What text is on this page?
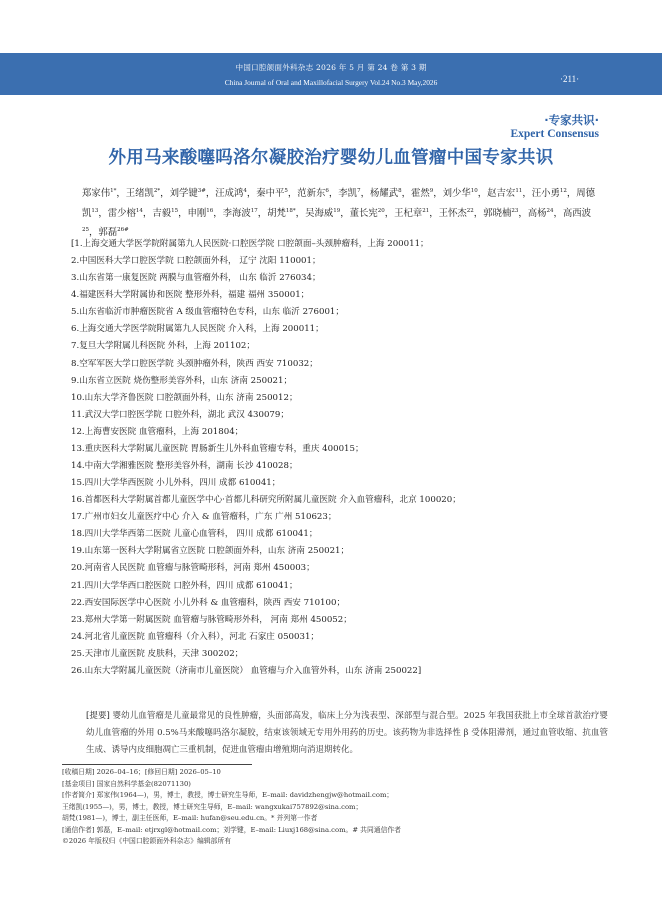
中国口腔颌面外科杂志 2026 年 5 月 第 24 卷 第 3 期
China Journal of Oral and Maxillofacial Surgery Vol.24 No.3 May,2026	·211·
·专家共识·
Expert Consensus
外用马来酸噻吗洛尔凝胶治疗婴幼儿血管瘤中国专家共识
郑家伟$^{1*}$，王绪凯$^{2*}$，刘学键$^{3\#}$，汪成鸿$^4$，秦中平$^5$，范新东$^6$，李凯$^7$，杨耀武$^8$，霍然$^9$，刘少华$^{10}$，赵吉宏$^{11}$，汪小勇$^{12}$，周德凯$^{13}$，雷少榕$^{14}$，吉毅$^{15}$，申刚$^{16}$，李海波$^{17}$，胡梵$^{18*}$，吴海威$^{19}$，董长宪$^{20}$，王杞章$^{21}$，王怀杰$^{22}$，郭晓楠$^{23}$，高杨$^{24}$，高西波$^{25}$，郭磊$^{26\#}$
[1.上海交通大学医学院附属第九人民医院·口腔医学院 口腔颌面–头颈肿瘤科，上海 200011；
2.中国医科大学口腔医学院 口腔颌面外科， 辽宁 沈阳 110001；
3.山东省第一康复医院 两膜与血管瘤外科， 山东 临沂 276034；
4.福建医科大学附属协和医院 整形外科，福建 福州 350001；
5.山东省临沂市肿瘤医院省 A 级血管瘤特色专科，山东 临沂 276001；
6.上海交通大学医学院附属第九人民医院 介入科，上海 200011；
7.复旦大学附属儿科医院 外科，上海 201102；
8.空军军医大学口腔医学院 头颈肿瘤外科，陕西 西安 710032；
9.山东省立医院 烧伤整形美容外科，山东 济南 250021；
10.山东大学齐鲁医院 口腔颌面外科，山东 济南 250012；
11.武汉大学口腔医学院 口腔外科，湖北 武汉 430079；
12.上海曹安医院 血管瘤科，上海 201804；
13.重庆医科大学附属儿童医院 胃肠新生儿外科血管瘤专科，重庆 400015；
14.中南大学湘雅医院 整形美容外科，湖南 长沙 410028；
15.四川大学华西医院 小儿外科，四川 成都 610041；
16.首都医科大学附属首都儿童医学中心·首都儿科研究所附属儿童医院 介入血管瘤科，北京 100020；
17.广州市妇女儿童医疗中心 介入 & 血管瘤科，广东 广州 510623；
18.四川大学华西第二医院 儿童心血管科， 四川 成都 610041；
19.山东第一医科大学附属省立医院 口腔颌面外科，山东 济南 250021；
20.河南省人民医院 血管瘤与脉管畸形科，河南 郑州 450003；
21.四川大学华西口腔医院 口腔外科，四川 成都 610041；
22.西安国际医学中心医院 小儿外科 & 血管瘤科，陕西 西安 710100；
23.郑州大学第一附属医院 血管瘤与脉管畸形外科， 河南 郑州 450052；
24.河北省儿童医院 血管瘤科（介入科），河北 石家庄 050031；
25.天津市儿童医院 皮肤科，天津 300202；
26.山东大学附属儿童医院（济南市儿童医院） 血管瘤与介入血管外科，山东 济南 250022]
[提要] 婴幼儿血管瘤是儿童最常见的良性肿瘤，头面部高发，临床上分为浅表型、深部型与混合型。2025 年我国获批上市全球首款治疗婴幼儿血管瘤的外用 0.5%马来酸噻吗洛尔凝胶，结束该领域无专用外用药的历史。该药物为非选择性 β 受体阻滞剂，通过血管收缩、抗血管生成、诱导内皮细胞凋亡三重机制，促进血管瘤由增殖期向消退期转化。
[收稿日期] 2026–04–16；[修回日期] 2026–05–10
[基金项目] 国家自然科学基金(82071130)
[作者简介] 郑家伟(1964—)，男，博士，教授，博士研究生导师，E–mail: davidzhengjw@hotmail.com；
王绪凯(1955—)，男，博士，教授，博士研究生导师，E–mail: wangxukai757892@sina.com；
胡梵(1981—)，博士，副主任医师，E–mail: hufan@seu.edu.cn。* 并列第一作者
[通信作者] 郭磊，E–mail: etjrxgl@hotmail.com；刘学键，E–mail: Liuxj168@sina.com。# 共同通信作者
©2026 年版权归《中国口腔颌面外科杂志》编辑部所有
